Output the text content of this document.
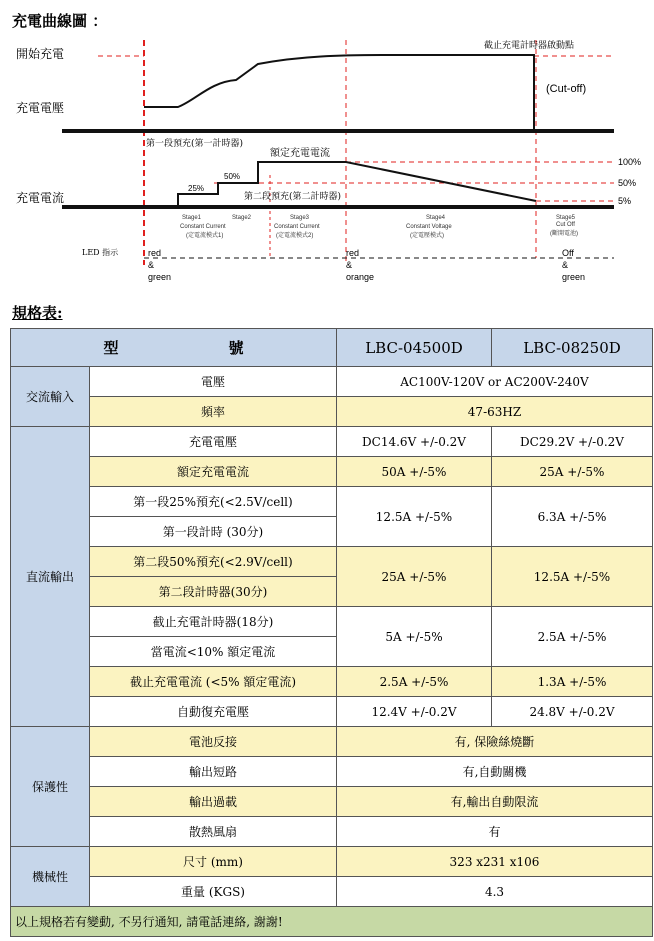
充電曲線圖 ：
開始充電
充電電壓
充電電流
LED 指示
第一段預充(第一計時器)
額定充電電流
第二段預充(第二計時器)
截止充電計時器啟動點
(Cut-off)
25%
50%
100%
50%
5%
Stage1
Constant Current
(定電流模式1)
Stage2	Stage3
Constant Current
(定電流模式2)
Stage4
Constant Voltage
(定電壓模式)
Stage5
Cut Off
(斷開電池)
red
&
green
red
&
orange
Off
&
green
規格表:
型 號		LBC-04500D	LBC-08250D
交流輸入	電壓	AC100V-120V or AC200V-240V	
	頻率	47-63HZ	
直流輸出	充電電壓	DC14.6V +/-0.2V	DC29.2V +/-0.2V
	額定充電電流	50A +/-5%	25A +/-5%
	第一段25%預充(<2.5V/cell)	12.5A +/-5%	6.3A +/-5%
	第一段計時 (30分)		
	第二段50%預充(<2.9V/cell)	25A +/-5%	12.5A +/-5%
	第二段計時器(30分)		
	截止充電計時器(18分)	5A +/-5%	2.5A +/-5%
	當電流<10% 額定電流		
	截止充電電流 (<5% 額定電流)	2.5A +/-5%	1.3A +/-5%
	自動復充電壓	12.4V +/-0.2V	24.8V +/-0.2V
保護性	電池反接	有, 保險絲燒斷	
	輸出短路	有,自動關機	
	輸出過載	有,輸出自動限流	
	散熱風扇	有	
機械性	尺寸 (mm)	323 x231 x106	
	重量 (KGS)	4.3	
以上規格若有變動, 不另行通知, 請電話連絡, 謝謝!			
